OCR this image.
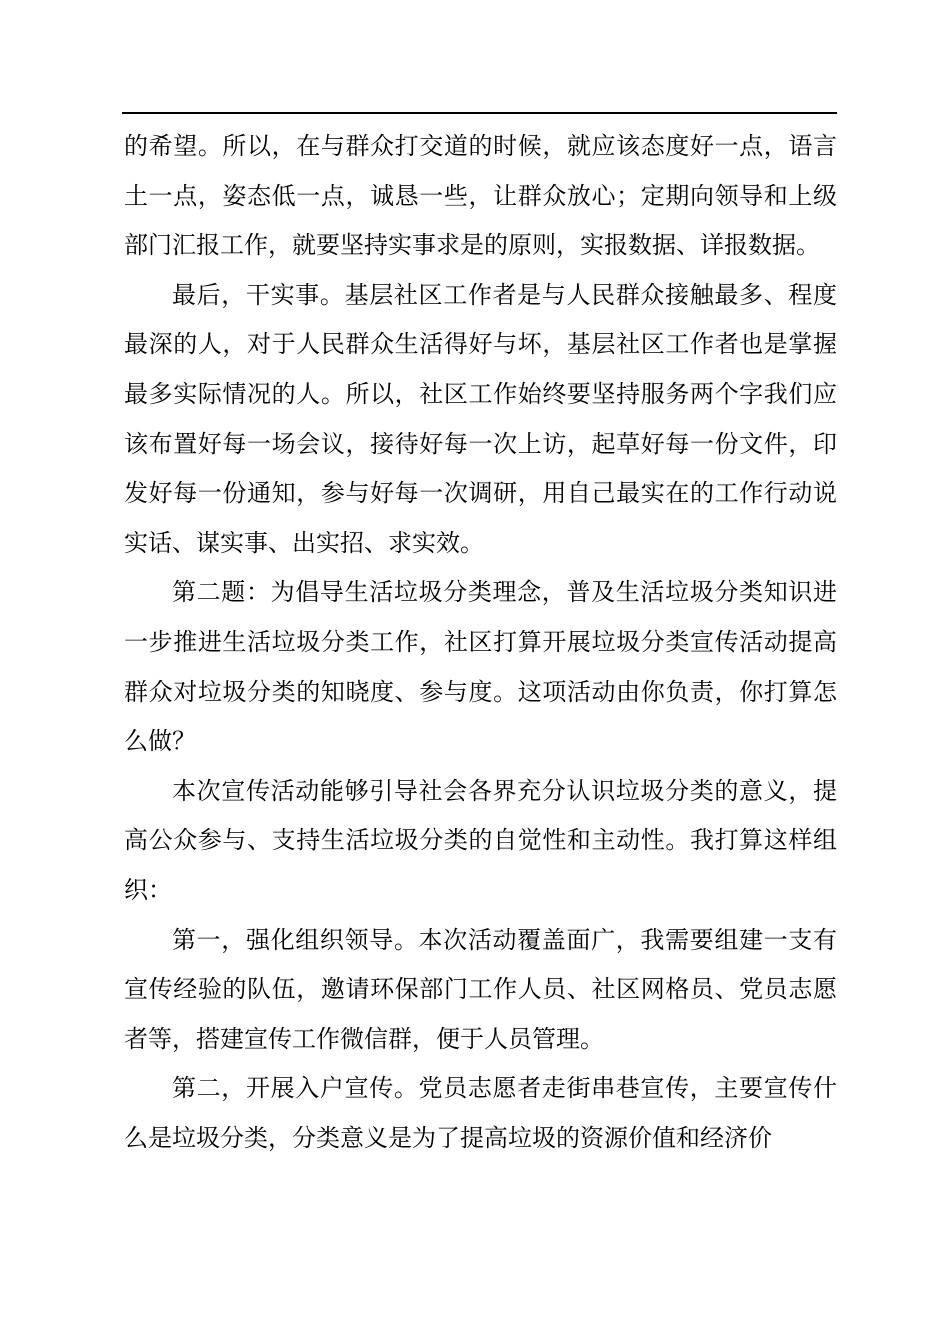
的希望。所以，在与群众打交道的时候，就应该态度好一点，语言土一点，姿态低一点，诚恳一些，让群众放心；定期向领导和上级部门汇报工作，就要坚持实事求是的原则，实报数据、详报数据。

最后，干实事。基层社区工作者是与人民群众接触最多、程度最深的人，对于人民群众生活得好与坏，基层社区工作者也是掌握最多实际情况的人。所以，社区工作始终要坚持服务两个字我们应该布置好每一场会议，接待好每一次上访，起草好每一份文件，印发好每一份通知，参与好每一次调研，用自己最实在的工作行动说实话、谋实事、出实招、求实效。

第二题：为倡导生活垃圾分类理念，普及生活垃圾分类知识进一步推进生活垃圾分类工作，社区打算开展垃圾分类宣传活动提高群众对垃圾分类的知晓度、参与度。这项活动由你负责，你打算怎么做？

本次宣传活动能够引导社会各界充分认识垃圾分类的意义，提高公众参与、支持生活垃圾分类的自觉性和主动性。我打算这样组织：

第一，强化组织领导。本次活动覆盖面广，我需要组建一支有宣传经验的队伍，邀请环保部门工作人员、社区网格员、党员志愿者等，搭建宣传工作微信群，便于人员管理。

第二，开展入户宣传。党员志愿者走街串巷宣传，主要宣传什么是垃圾分类，分类意义是为了提高垃圾的资源价值和经济价
